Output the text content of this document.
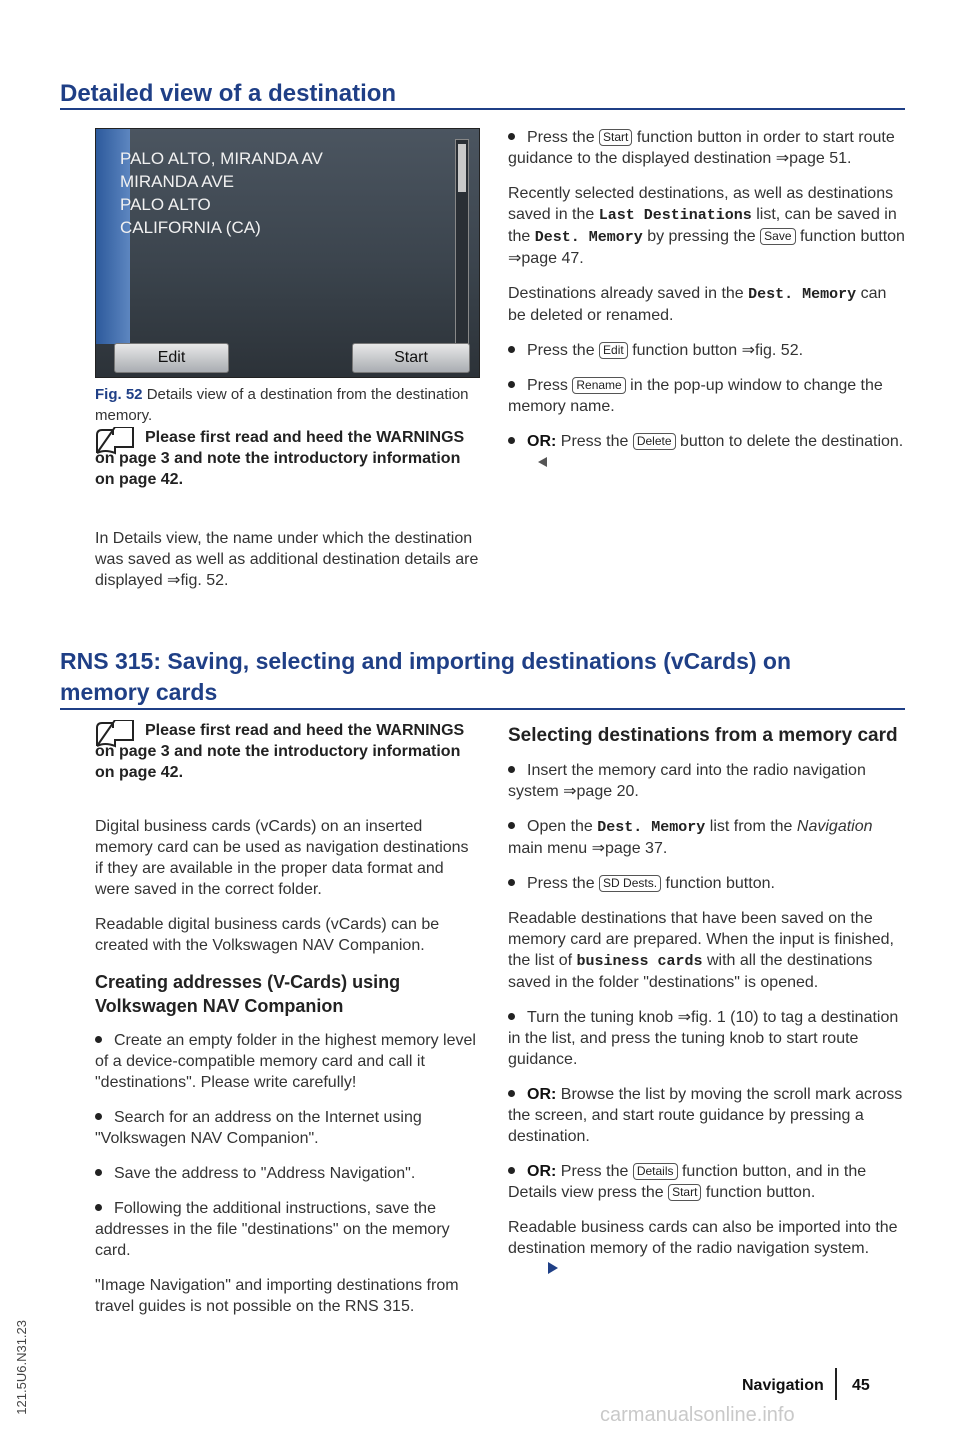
Detailed view of a destination
PALO ALTO, MIRANDA AV
MIRANDA AVE
PALO ALTO
CALIFORNIA (CA)
Edit	Start
Fig. 52 Details view of a destination from the destination memory.
Please first read and heed the WARNINGS on page 3 and note the introductory information on page 42.
In Details view, the name under which the destination was saved as well as additional destination details are displayed ⇒fig. 52.
Press the Start function button in order to start route guidance to the displayed destination ⇒page 51.

Recently selected destinations, as well as destinations saved in the Last Destinations list, can be saved in the Dest. Memory by pressing the Save function button ⇒page 47.

Destinations already saved in the Dest. Memory can be deleted or renamed.

Press the Edit function button ⇒fig. 52.
Press Rename in the pop-up window to change the memory name.
OR: Press the Delete button to delete the destination.
RNS 315: Saving, selecting and importing destinations (vCards) on
memory cards
Please first read and heed the WARNINGS on page 3 and note the introductory information on page 42.

Digital business cards (vCards) on an inserted memory card can be used as navigation destinations if they are available in the proper data format and were saved in the correct folder.

Readable digital business cards (vCards) can be created with the Volkswagen NAV Companion.

Creating addresses (V-Cards) using Volkswagen NAV Companion
Create an empty folder in the highest memory level of a device-compatible memory card and call it "destinations". Please write carefully!
Search for an address on the Internet using "Volkswagen NAV Companion".
Save the address to "Address Navigation".
Following the additional instructions, save the addresses in the file "destinations" on the memory card.

"Image Navigation" and importing destinations from travel guides is not possible on the RNS 315.

Selecting destinations from a memory card
Insert the memory card into the radio navigation system ⇒page 20.
Open the Dest. Memory list from the Navigation main menu ⇒page 37.
Press the SD Dests. function button.

Readable destinations that have been saved on the memory card are prepared. When the input is finished, the list of business cards with all the destinations saved in the folder "destinations" is opened.

Turn the tuning knob ⇒fig. 1 (10) to tag a destination in the list, and press the tuning knob to start route guidance.
OR: Browse the list by moving the scroll mark across the screen, and start route guidance by pressing a destination.
OR: Press the Details function button, and in the Details view press the Start function button.

Readable business cards can also be imported into the destination memory of the radio navigation system.

121.5U6.N31.23	Navigation 45
carmanualsonline.info
